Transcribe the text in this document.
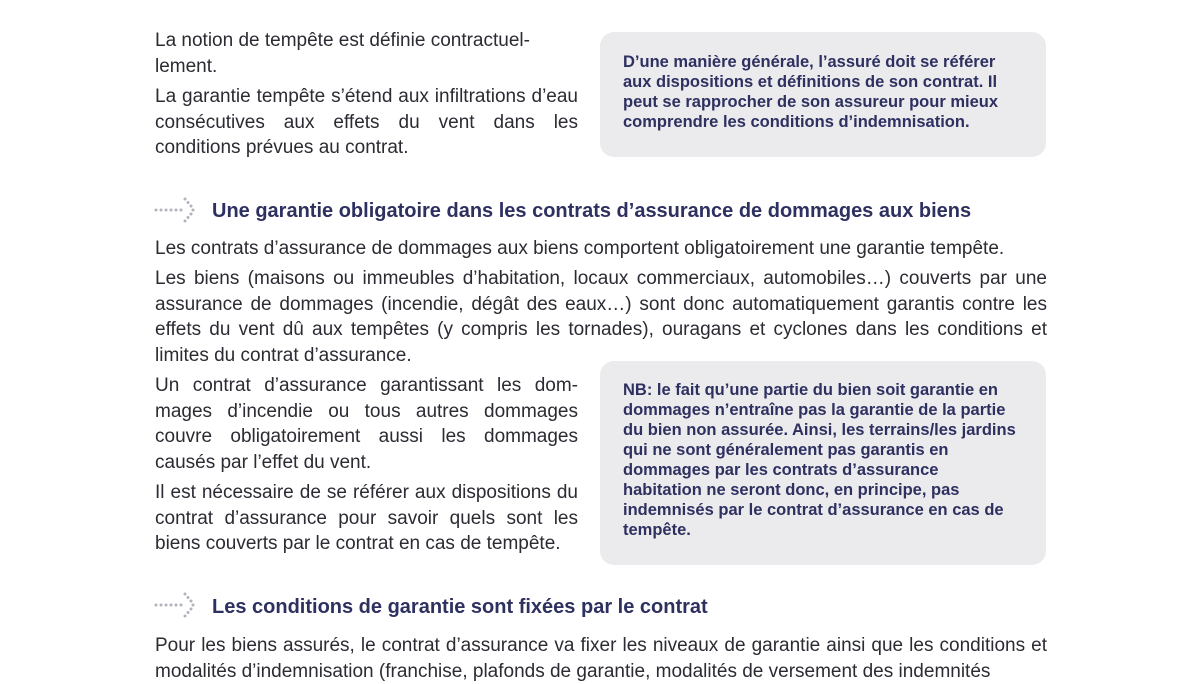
La notion de tempête est définie contractuel-
lement.

La garantie tempête s’étend aux infiltrations d’eau consécutives aux effets du vent dans les conditions prévues au contrat.

D’une manière générale, l’assuré doit se référer aux dispositions et définitions de son contrat. Il peut se rapprocher de son assureur pour mieux comprendre les conditions d’indemnisation.

Une garantie obligatoire dans les contrats d’assurance de dommages aux biens

Les contrats d’assurance de dommages aux biens comportent obligatoirement une garantie tempête.

Les biens (maisons ou immeubles d’habitation, locaux commerciaux, automobiles…) couverts par une assurance de dommages (incendie, dégât des eaux…) sont donc automatiquement garantis contre les effets du vent dû aux tempêtes (y compris les tornades), ouragans et cyclones dans les conditions et limites du contrat d’assurance.

Un contrat d’assurance garantissant les dom-mages d’incendie ou tous autres dommages couvre obligatoirement aussi les dommages causés par l’effet du vent.

Il est nécessaire de se référer aux dispositions du contrat d’assurance pour savoir quels sont les biens couverts par le contrat en cas de tempête.

NB: le fait qu’une partie du bien soit garantie en dommages n’entraîne pas la garantie de la partie du bien non assurée. Ainsi, les terrains/les jardins qui ne sont généralement pas garantis en dommages par les contrats d’assurance habitation ne seront donc, en principe, pas indemnisés par le contrat d’assurance en cas de tempête.

Les conditions de garantie sont fixées par le contrat

Pour les biens assurés, le contrat d’assurance va fixer les niveaux de garantie ainsi que les conditions et modalités d’indemnisation (franchise, plafonds de garantie, modalités de versement des indemnités
